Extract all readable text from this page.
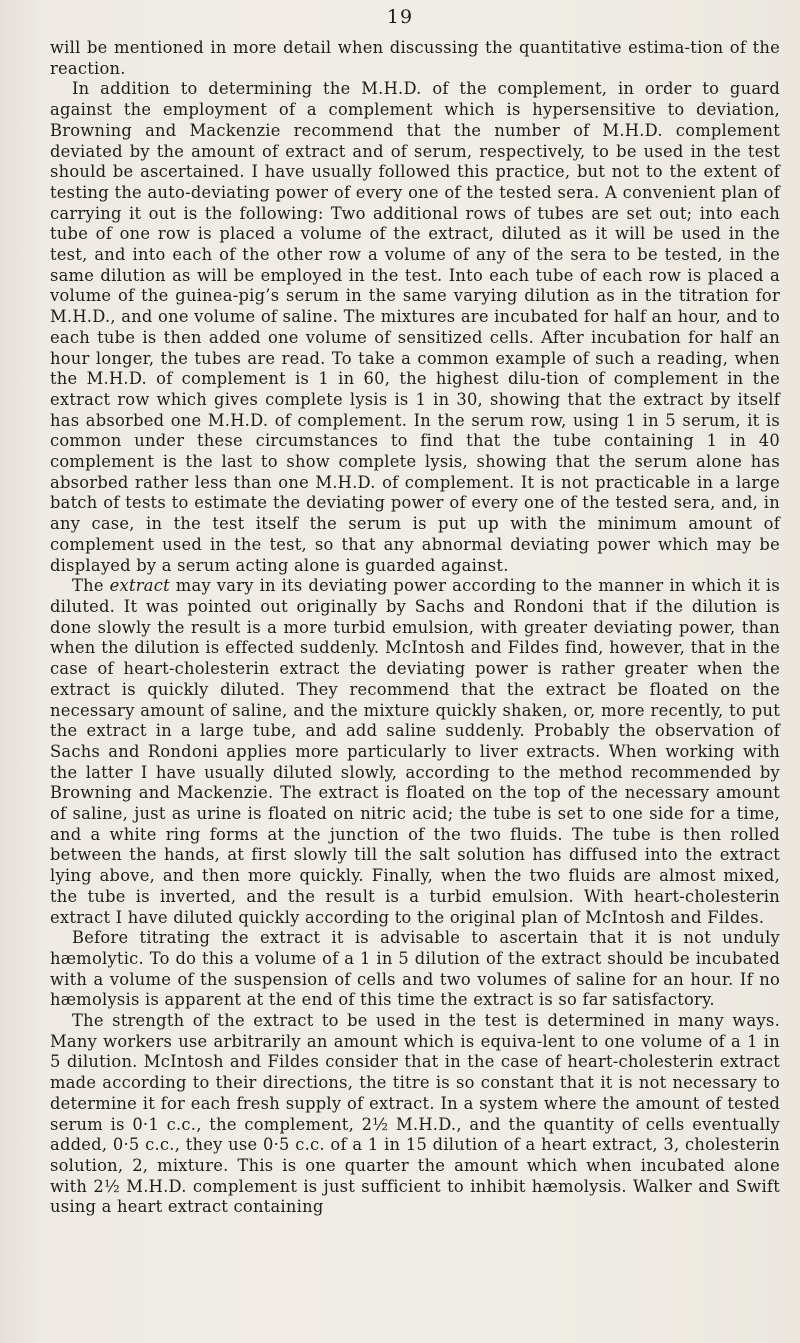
19

will be mentioned in more detail when discussing the quantitative estima-tion of the reaction.

In addition to determining the M.H.D. of the complement, in order to guard against the employment of a complement which is hypersensitive to deviation, Browning and Mackenzie recommend that the number of M.H.D. complement deviated by the amount of extract and of serum, respectively, to be used in the test should be ascertained. I have usually followed this practice, but not to the extent of testing the auto-deviating power of every one of the tested sera. A convenient plan of carrying it out is the following: Two additional rows of tubes are set out; into each tube of one row is placed a volume of the extract, diluted as it will be used in the test, and into each of the other row a volume of any of the sera to be tested, in the same dilution as will be employed in the test. Into each tube of each row is placed a volume of the guinea-pig’s serum in the same varying dilution as in the titration for M.H.D., and one volume of saline. The mixtures are incubated for half an hour, and to each tube is then added one volume of sensitized cells. After incubation for half an hour longer, the tubes are read. To take a common example of such a reading, when the M.H.D. of complement is 1 in 60, the highest dilu-tion of complement in the extract row which gives complete lysis is 1 in 30, showing that the extract by itself has absorbed one M.H.D. of complement. In the serum row, using 1 in 5 serum, it is common under these circumstances to find that the tube containing 1 in 40 complement is the last to show complete lysis, showing that the serum alone has absorbed rather less than one M.H.D. of complement. It is not practicable in a large batch of tests to estimate the deviating power of every one of the tested sera, and, in any case, in the test itself the serum is put up with the minimum amount of complement used in the test, so that any abnormal deviating power which may be displayed by a serum acting alone is guarded against.

The extract may vary in its deviating power according to the manner in which it is diluted. It was pointed out originally by Sachs and Rondoni that if the dilution is done slowly the result is a more turbid emulsion, with greater deviating power, than when the dilution is effected suddenly. McIntosh and Fildes find, however, that in the case of heart-cholesterin extract the deviating power is rather greater when the extract is quickly diluted. They recommend that the extract be floated on the necessary amount of saline, and the mixture quickly shaken, or, more recently, to put the extract in a large tube, and add saline suddenly. Probably the observation of Sachs and Rondoni applies more particularly to liver extracts. When working with the latter I have usually diluted slowly, according to the method recommended by Browning and Mackenzie. The extract is floated on the top of the necessary amount of saline, just as urine is floated on nitric acid; the tube is set to one side for a time, and a white ring forms at the junction of the two fluids. The tube is then rolled between the hands, at first slowly till the salt solution has diffused into the extract lying above, and then more quickly. Finally, when the two fluids are almost mixed, the tube is inverted, and the result is a turbid emulsion. With heart-cholesterin extract I have diluted quickly according to the original plan of McIntosh and Fildes.

Before titrating the extract it is advisable to ascertain that it is not unduly hæmolytic. To do this a volume of a 1 in 5 dilution of the extract should be incubated with a volume of the suspension of cells and two volumes of saline for an hour. If no hæmolysis is apparent at the end of this time the extract is so far satisfactory.

The strength of the extract to be used in the test is determined in many ways. Many workers use arbitrarily an amount which is equiva-lent to one volume of a 1 in 5 dilution. McIntosh and Fildes consider that in the case of heart-cholesterin extract made according to their directions, the titre is so constant that it is not necessary to determine it for each fresh supply of extract. In a system where the amount of tested serum is 0·1 c.c., the complement, 2½ M.H.D., and the quantity of cells eventually added, 0·5 c.c., they use 0·5 c.c. of a 1 in 15 dilution of a heart extract, 3, cholesterin solution, 2, mixture. This is one quarter the amount which when incubated alone with 2½ M.H.D. complement is just sufficient to inhibit hæmolysis. Walker and Swift using a heart extract containing
